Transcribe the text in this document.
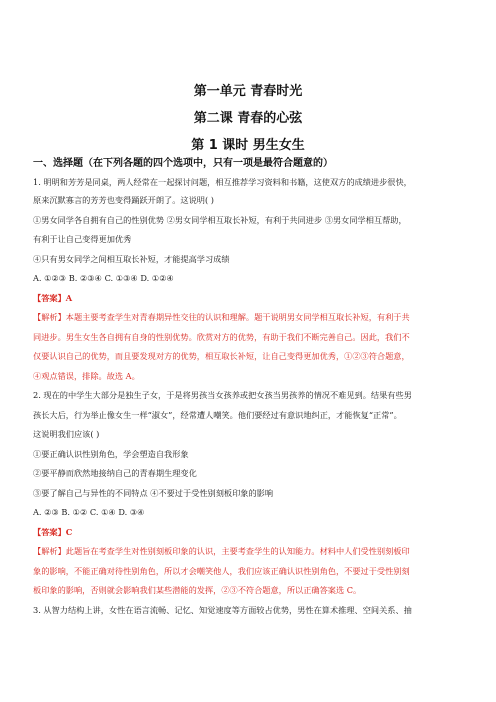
第一单元 青春时光
第二课 青春的心弦
第 1 课时 男生女生
一、选择题（在下列各题的四个选项中，只有一项是最符合题意的）
1. 明明和芳芳是同桌，两人经常在一起探讨问题，相互推荐学习资料和书籍，这使双方的成绩进步很快，
原来沉默寡言的芳芳也变得踊跃开朗了。这说明( )
①男女同学各自拥有自己的性别优势 ②男女同学相互取长补短，有利于共同进步 ③男女同学相互帮助，
有利于让自己变得更加优秀
④只有男女同学之间相互取长补短，才能提高学习成绩
A. ①②③ B. ②③④ C. ①③④ D. ①②④
【答案】A
【解析】本题主要考查学生对青春期异性交往的认识和理解。题干说明男女同学相互取长补短，有利于共
同进步。男生女生各自拥有自身的性别优势。欣赏对方的优势，有助于我们不断完善自己。因此，我们不
仅要认识自己的优势，而且要发现对方的优势，相互取长补短，让自己变得更加优秀，①②③符合题意，
④观点错误，排除。故选 A。
2. 现在的中学生大部分是独生子女，于是将男孩当女孩养或把女孩当男孩养的情况不难见到。结果有些男
孩长大后，行为举止像女生一样“淑女”，经常遭人嘲笑。他们要经过有意识地纠正，才能恢复“正常”。
这说明我们应该( )
①要正确认识性别角色，学会塑造自我形象
②要平静而欣然地接纳自己的青春期生理变化
③要了解自己与异性的不同特点 ④不要过于受性别刻板印象的影响
A. ②③ B. ①② C. ①④ D. ③④
【答案】C
【解析】此题旨在考查学生对性别刻板印象的认识，主要考查学生的认知能力。材料中人们受性别刻板印
象的影响，不能正确对待性别角色，所以才会嘲笑他人，我们应该正确认识性别角色，不要过于受性别刻
板印象的影响，否则就会影响我们某些潜能的发挥，②③不符合题意，所以正确答案选 C。
3. 从智力结构上讲，女性在语言流畅、记忆、知觉速度等方面较占优势，男性在算术推理、空间关系、抽
